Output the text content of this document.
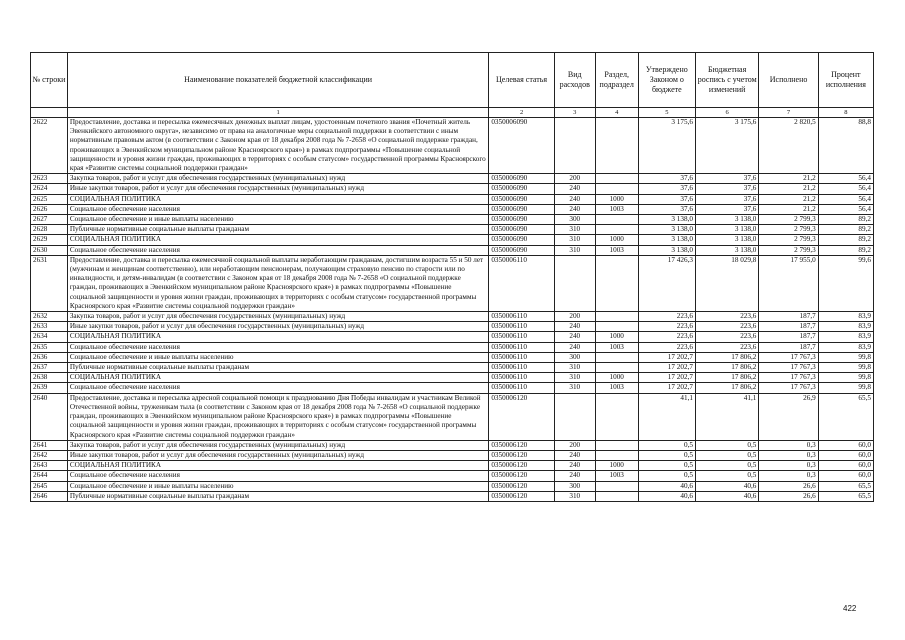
№ строки	Наименование показателей бюджетной классификации	Целевая статья	Вид расходов	Раздел, подраздел	Утверждено Законом о бюджете	Бюджетная роспись с учетом изменений	Исполнено	Процент исполнения
	1	2	3	4	5	6	7	8
2622	Предоставление, доставка и пересылка ежемесячных денежных выплат лицам, удостоенным почетного звания «Почетный житель Эвенкийского автономного округа», независимо от права на аналогичные меры социальной поддержки в соответствии с иным нормативным правовым актом (в соответствии с Законом края от 18 декабря 2008 года № 7-2658 «О социальной поддержке граждан, проживающих в Эвенкийском муниципальном районе Красноярского края») в рамках подпрограммы «Повышение социальной защищенности и уровня жизни граждан, проживающих в территориях с особым статусом» государственной программы Красноярского края «Развитие системы социальной поддержки граждан»	0350006090			3 175,6	3 175,6	2 820,5	88,8
2623	Закупка товаров, работ и услуг для обеспечения государственных (муниципальных) нужд	0350006090	200		37,6	37,6	21,2	56,4
2624	Иные закупки товаров, работ и услуг для обеспечения государственных (муниципальных) нужд	0350006090	240		37,6	37,6	21,2	56,4
2625	СОЦИАЛЬНАЯ ПОЛИТИКА	0350006090	240	1000	37,6	37,6	21,2	56,4
2626	Социальное обеспечение населения	0350006090	240	1003	37,6	37,6	21,2	56,4
2627	Социальное обеспечение и иные выплаты населению	0350006090	300		3 138,0	3 138,0	2 799,3	89,2
2628	Публичные нормативные социальные выплаты гражданам	0350006090	310		3 138,0	3 138,0	2 799,3	89,2
2629	СОЦИАЛЬНАЯ ПОЛИТИКА	0350006090	310	1000	3 138,0	3 138,0	2 799,3	89,2
2630	Социальное обеспечение населения	0350006090	310	1003	3 138,0	3 138,0	2 799,3	89,2
2631	Предоставление, доставка и пересылка ежемесячной социальной выплаты неработающим гражданам, достигшим возраста 55 и 50 лет (мужчинам и женщинам соответственно), или неработающим пенсионерам, получающим страховую пенсию по старости или по инвалидности, и детям-инвалидам (в соответствии с Законом края от 18 декабря 2008 года № 7-2658 «О социальной поддержке граждан, проживающих в Эвенкийском муниципальном районе Красноярского края») в рамках подпрограммы «Повышение социальной защищенности и уровня жизни граждан, проживающих в территориях с особым статусом» государственной программы Красноярского края «Развитие системы социальной поддержки граждан»	0350006110			17 426,3	18 029,8	17 955,0	99,6
2632	Закупка товаров, работ и услуг для обеспечения государственных (муниципальных) нужд	0350006110	200		223,6	223,6	187,7	83,9
2633	Иные закупки товаров, работ и услуг для обеспечения государственных (муниципальных) нужд	0350006110	240		223,6	223,6	187,7	83,9
2634	СОЦИАЛЬНАЯ ПОЛИТИКА	0350006110	240	1000	223,6	223,6	187,7	83,9
2635	Социальное обеспечение населения	0350006110	240	1003	223,6	223,6	187,7	83,9
2636	Социальное обеспечение и иные выплаты населению	0350006110	300		17 202,7	17 806,2	17 767,3	99,8
2637	Публичные нормативные социальные выплаты гражданам	0350006110	310		17 202,7	17 806,2	17 767,3	99,8
2638	СОЦИАЛЬНАЯ ПОЛИТИКА	0350006110	310	1000	17 202,7	17 806,2	17 767,3	99,8
2639	Социальное обеспечение населения	0350006110	310	1003	17 202,7	17 806,2	17 767,3	99,8
2640	Предоставление, доставка и пересылка адресной социальной помощи к празднованию Дня Победы инвалидам и участникам Великой Отечественной войны, труженикам тыла (в соответствии с Законом края от 18 декабря 2008 года № 7-2658 «О социальной поддержке граждан, проживающих в Эвенкийском муниципальном районе Красноярского края») в рамках подпрограммы «Повышение социальной защищенности и уровня жизни граждан, проживающих в территориях с особым статусом» государственной программы Красноярского края «Развитие системы социальной поддержки граждан»	0350006120			41,1	41,1	26,9	65,5
2641	Закупка товаров, работ и услуг для обеспечения государственных (муниципальных) нужд	0350006120	200		0,5	0,5	0,3	60,0
2642	Иные закупки товаров, работ и услуг для обеспечения государственных (муниципальных) нужд	0350006120	240		0,5	0,5	0,3	60,0
2643	СОЦИАЛЬНАЯ ПОЛИТИКА	0350006120	240	1000	0,5	0,5	0,3	60,0
2644	Социальное обеспечение населения	0350006120	240	1003	0,5	0,5	0,3	60,0
2645	Социальное обеспечение и иные выплаты населению	0350006120	300		40,6	40,6	26,6	65,5
2646	Публичные нормативные социальные выплаты гражданам	0350006120	310		40,6	40,6	26,6	65,5
422
